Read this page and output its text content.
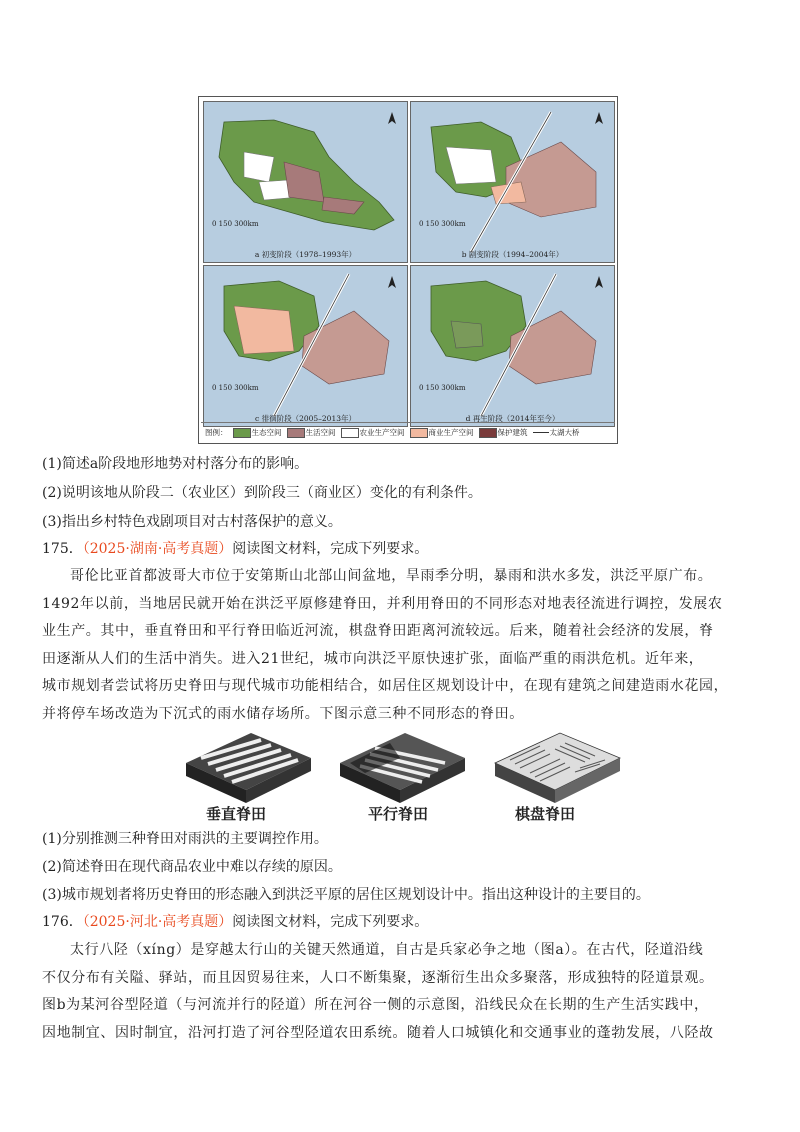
0 150 300km
a 初变阶段（1978–1993年）
0 150 300km
b 剧变阶段（1994–2004年）
0 150 300km
c 徘徊阶段（2005–2013年）
0 150 300km
d 再生阶段（2014年至今）
图例：	生态空间	生活空间	农业生产空间	商业生产空间	保护建筑	太湖大桥
(1)简述a阶段地形地势对村落分布的影响。
(2)说明该地从阶段二（农业区）到阶段三（商业区）变化的有利条件。
(3)指出乡村特色戏剧项目对古村落保护的意义。
175．（2025·湖南·高考真题）阅读图文材料，完成下列要求。
哥伦比亚首都波哥大市位于安第斯山北部山间盆地，旱雨季分明，暴雨和洪水多发，洪泛平原广布。
1492年以前，当地居民就开始在洪泛平原修建脊田，并利用脊田的不同形态对地表径流进行调控，发展农
业生产。其中，垂直脊田和平行脊田临近河流，棋盘脊田距离河流较远。后来，随着社会经济的发展，脊
田逐渐从人们的生活中消失。进入21世纪，城市向洪泛平原快速扩张，面临严重的雨洪危机。近年来，
城市规划者尝试将历史脊田与现代城市功能相结合，如居住区规划设计中，在现有建筑之间建造雨水花园，
并将停车场改造为下沉式的雨水储存场所。下图示意三种不同形态的脊田。
垂直脊田	平行脊田	棋盘脊田
(1)分别推测三种脊田对雨洪的主要调控作用。
(2)简述脊田在现代商品农业中难以存续的原因。
(3)城市规划者将历史脊田的形态融入到洪泛平原的居住区规划设计中。指出这种设计的主要目的。
176．（2025·河北·高考真题）阅读图文材料，完成下列要求。
太行八陉（xíng）是穿越太行山的关键天然通道，自古是兵家必争之地（图a）。在古代，陉道沿线
不仅分布有关隘、驿站，而且因贸易往来，人口不断集聚，逐渐衍生出众多聚落，形成独特的陉道景观。
图b为某河谷型陉道（与河流并行的陉道）所在河谷一侧的示意图，沿线民众在长期的生产生活实践中，
因地制宜、因时制宜，沿河打造了河谷型陉道农田系统。随着人口城镇化和交通事业的蓬勃发展，八陉故
